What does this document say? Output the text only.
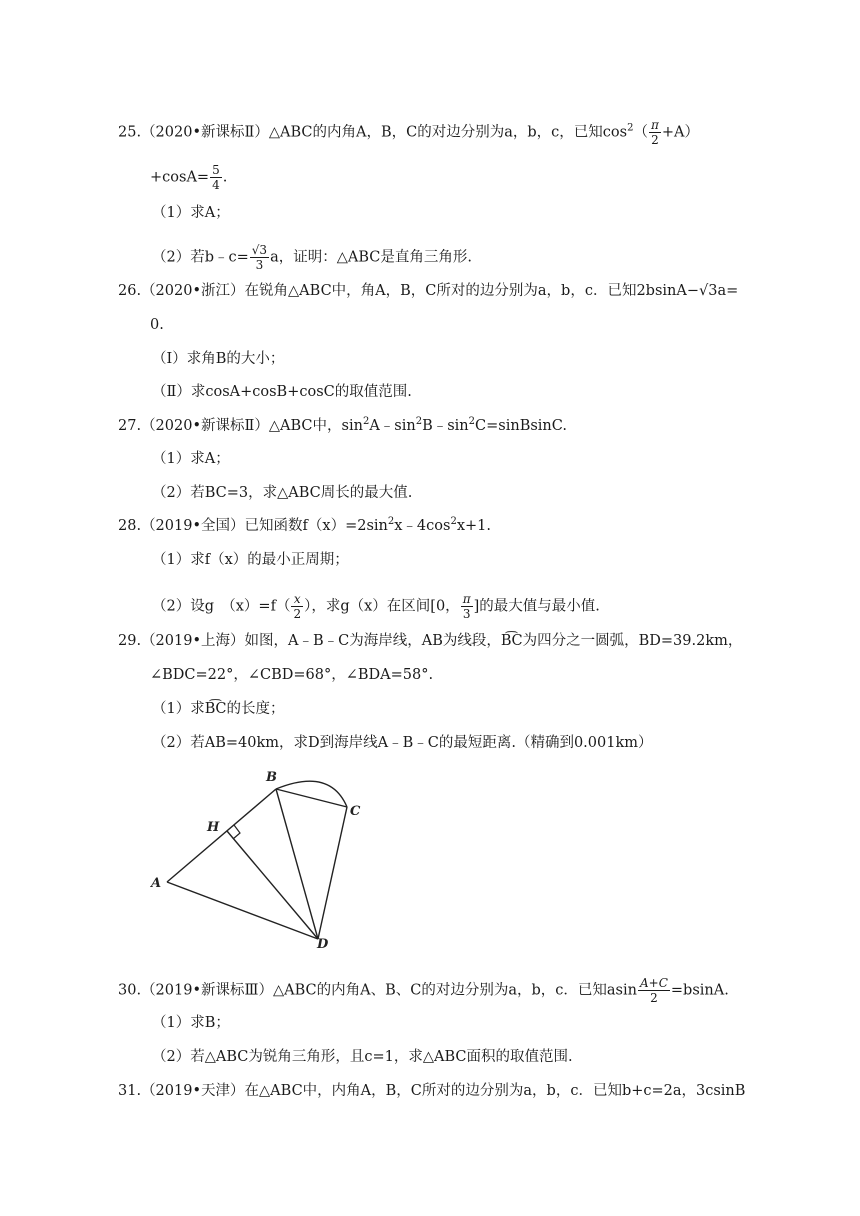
25.（2020•新课标Ⅱ）△ABC的内角A，B，C的对边分别为a，b，c，已知$\cos^2( \frac{\pi}{2} +A)$
$+\cos A= \frac{5}{4}$ .
（1）求A；
（2）若b﹣c= $\frac{√3}{3}$ a，证明：△ABC是直角三角形.
26.（2020•浙江）在锐角△ABC中，角A，B，C所对的边分别为a，b，c．已知2bsinA−√3a=
0.
（Ⅰ）求角B的大小；
（Ⅱ）求cosA+cosB+cosC的取值范围.
27.（2020•新课标Ⅱ）△ABC中，$\sin^2A﹣\sin^2B﹣\sin^2C=sinBsinC$.
（1）求A；
（2）若BC=3，求△ABC周长的最大值.
28.（2019•全国）已知函数$f(x)=2\sin^2x﹣4\cos^2x+1$.
（1）求f（x）的最小正周期；
（2）设g　$(x)=f( \frac{x}{2}$ ），求g（x）在区间[0， $\frac{\pi}{3}$ ]的最大值与最小值.
29.（2019•上海）如图，A﹣B﹣C为海岸线，AB为线段，B͡C为四分之一圆弧，BD=39.2km，
∠BDC=22°，∠CBD=68°，∠BDA=58°.
（1）求B͡C的长度；
（2）若AB=40km，求D到海岸线A﹣B﹣C的最短距离.（精确到0.001km）
B
C
H
A
D
30.（2019•新课标Ⅲ）△ABC的内角A、B、C的对边分别为a，b，c．已知asin $\frac{A+C}{2} =bsinA$.
（1）求B；
（2）若△ABC为锐角三角形，且c=1，求△ABC面积的取值范围.
31.（2019•天津）在△ABC中，内角A，B，C所对的边分别为a，b，c．已知b+c=2a，3csinB
